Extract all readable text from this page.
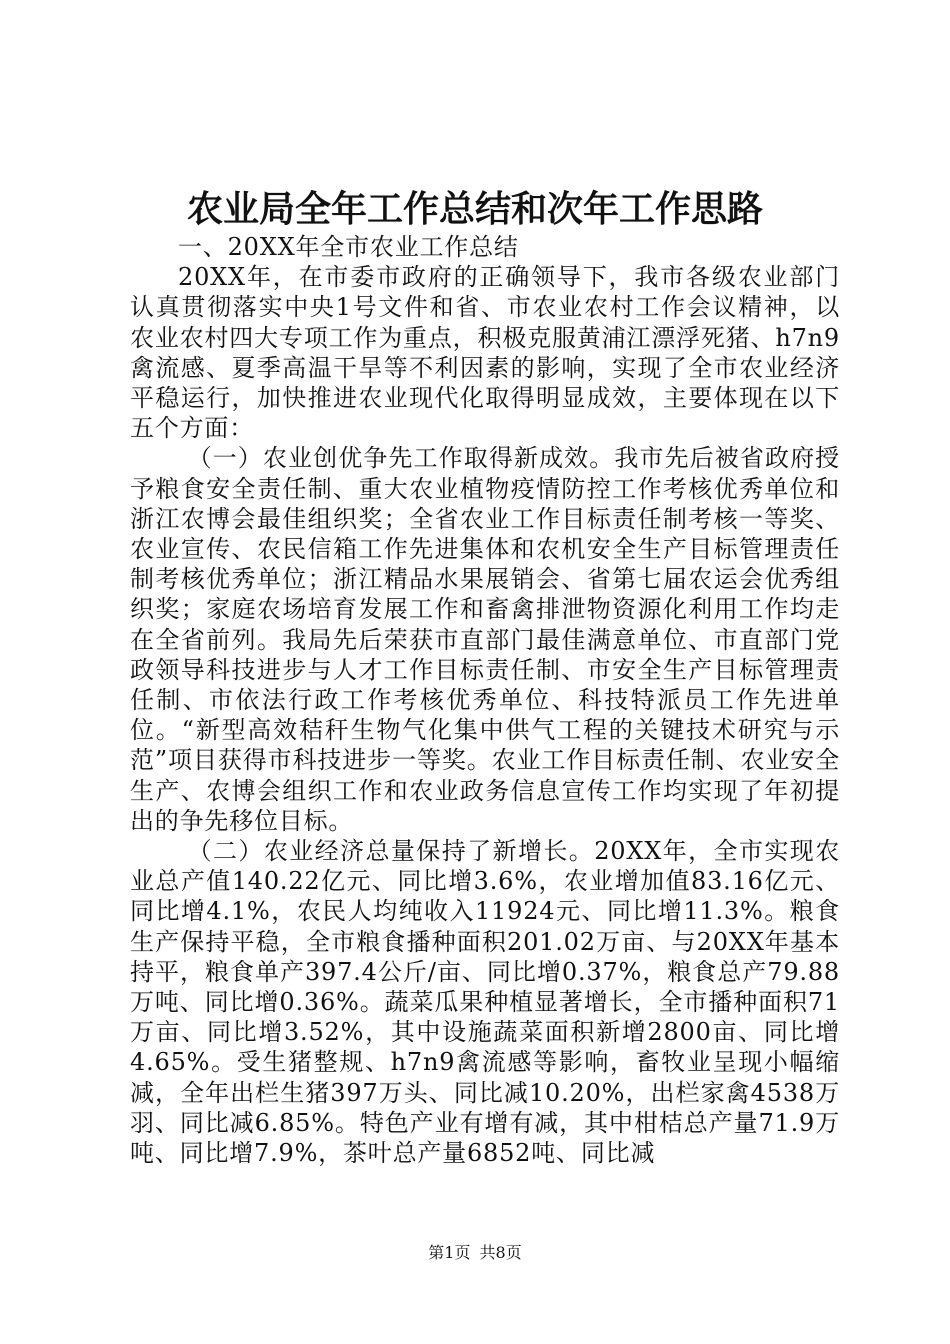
农业局全年工作总结和次年工作思路

一、20XX年全市农业工作总结

20XX年，在市委市政府的正确领导下，我市各级农业部门认真贯彻落实中央1号文件和省、市农业农村工作会议精神，以农业农村四大专项工作为重点，积极克服黄浦江漂浮死猪、h7n9禽流感、夏季高温干旱等不利因素的影响，实现了全市农业经济平稳运行，加快推进农业现代化取得明显成效，主要体现在以下五个方面：

（一）农业创优争先工作取得新成效。我市先后被省政府授予粮食安全责任制、重大农业植物疫情防控工作考核优秀单位和浙江农博会最佳组织奖；全省农业工作目标责任制考核一等奖、农业宣传、农民信箱工作先进集体和农机安全生产目标管理责任制考核优秀单位；浙江精品水果展销会、省第七届农运会优秀组织奖；家庭农场培育发展工作和畜禽排泄物资源化利用工作均走在全省前列。我局先后荣获市直部门最佳满意单位、市直部门党政领导科技进步与人才工作目标责任制、市安全生产目标管理责任制、市依法行政工作考核优秀单位、科技特派员工作先进单位。“新型高效秸秆生物气化集中供气工程的关键技术研究与示范”项目获得市科技进步一等奖。农业工作目标责任制、农业安全生产、农博会组织工作和农业政务信息宣传工作均实现了年初提出的争先移位目标。

（二）农业经济总量保持了新增长。20XX年，全市实现农业总产值140.22亿元、同比增3.6%，农业增加值83.16亿元、同比增4.1%，农民人均纯收入11924元、同比增11.3%。粮食生产保持平稳，全市粮食播种面积201.02万亩、与20XX年基本持平，粮食单产397.4公斤/亩、同比增0.37%，粮食总产79.88万吨、同比增0.36%。蔬菜瓜果种植显著增长，全市播种面积71万亩、同比增3.52%，其中设施蔬菜面积新增2800亩、同比增4.65%。受生猪整规、h7n9禽流感等影响，畜牧业呈现小幅缩减，全年出栏生猪397万头、同比减10.20%，出栏家禽4538万羽、同比减6.85%。特色产业有增有减，其中柑桔总产量71.9万吨、同比增7.9%，茶叶总产量6852吨、同比减

第1页 共8页
